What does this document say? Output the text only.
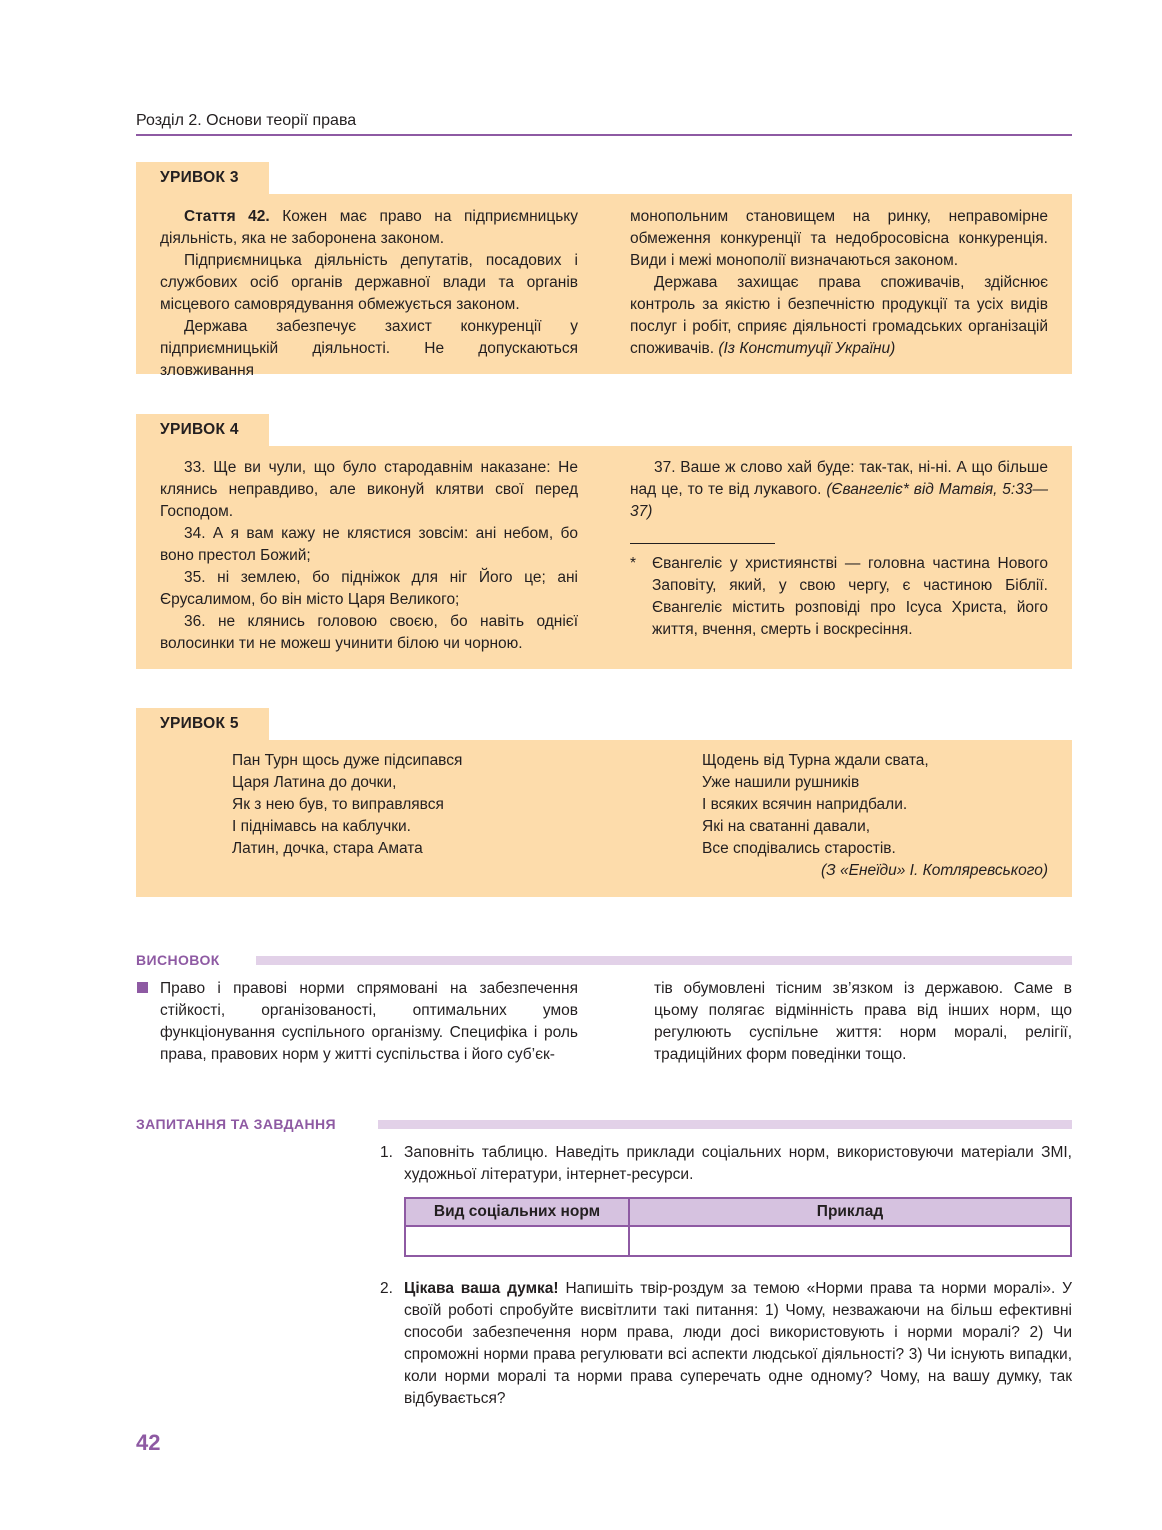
Розділ 2. Основи теорії права
УРИВОК 3

Стаття 42. Кожен має право на підприємницьку діяльність, яка не заборонена законом.

Підприємницька діяльність депутатів, посадових і службових осіб органів державної влади та органів місцевого самоврядування обмежується законом.

Держава забезпечує захист конкуренції у підприємницькій діяльності. Не допускаються зловживання

монопольним становищем на ринку, неправомірне обмеження конкуренції та недобросовісна конкуренція. Види і межі монополії визначаються законом.

Держава захищає права споживачів, здійснює контроль за якістю і безпечністю продукції та усіх видів послуг і робіт, сприяє діяльності громадських організацій споживачів. (Із Конституції України)

УРИВОК 4

33. Ще ви чули, що було стародавнім наказане: Не клянись неправдиво, але виконуй клятви свої перед Господом.

34. А я вам кажу не клястися зовсім: ані небом, бо воно престол Божий;

35. ні землею, бо підніжок для ніг Його це; ані Єрусалимом, бо він місто Царя Великого;

36. не клянись головою своєю, бо навіть однієї волосинки ти не можеш учинити білою чи чорною.

37. Ваше ж слово хай буде: так-так, ні-ні. А що більше над це, то те від лукавого. (Євангеліє* від Матвія, 5:33—37)

*	Євангеліє у християнстві — головна частина Нового Заповіту, який, у свою чергу, є частиною Біблії. Євангеліє містить розповіді про Ісуса Христа, його життя, вчення, смерть і воскресіння.
УРИВОК 5
Пан Турн щось дуже підсипався
Царя Латина до дочки,
Як з нею був, то виправлявся
І піднімавсь на каблучки.
Латин, дочка, стара Амата
Щодень від Турна ждали свата,
Уже нашили рушників
І всяких всячин напридбали.
Які на сватанні давали,
Все сподівались старостів.
(З «Енеїди» І. Котляревського)
ВИСНОВОК
Право і правові норми спрямовані на забезпечення стійкості, організованості, оптимальних умов функціонування суспільного організму. Специфіка і роль права, правових норм у житті суспільства і його суб’єк-
тів обумовлені тісним зв’язком із державою. Саме в цьому полягає відмінність права від інших норм, що регулюють суспільне життя: норм моралі, релігії, традиційних форм поведінки тощо.
ЗАПИТАННЯ ТА ЗАВДАННЯ
1. Заповніть таблицю. Наведіть приклади соціальних норм, використовуючи матеріали ЗМІ, художньої літератури, інтернет-ресурси.
Вид соціальних норм	Приклад

2. Цікава ваша думка! Напишіть твір-роздум за темою «Норми права та норми моралі». У своїй роботі спробуйте висвітлити такі питання: 1) Чому, незважаючи на більш ефективні способи забезпечення норм права, люди досі використовують і норми моралі? 2) Чи спроможні норми права регулювати всі аспекти людської діяльності? 3) Чи існують випадки, коли норми моралі та норми права суперечать одне одному? Чому, на вашу думку, так відбувається?
42
